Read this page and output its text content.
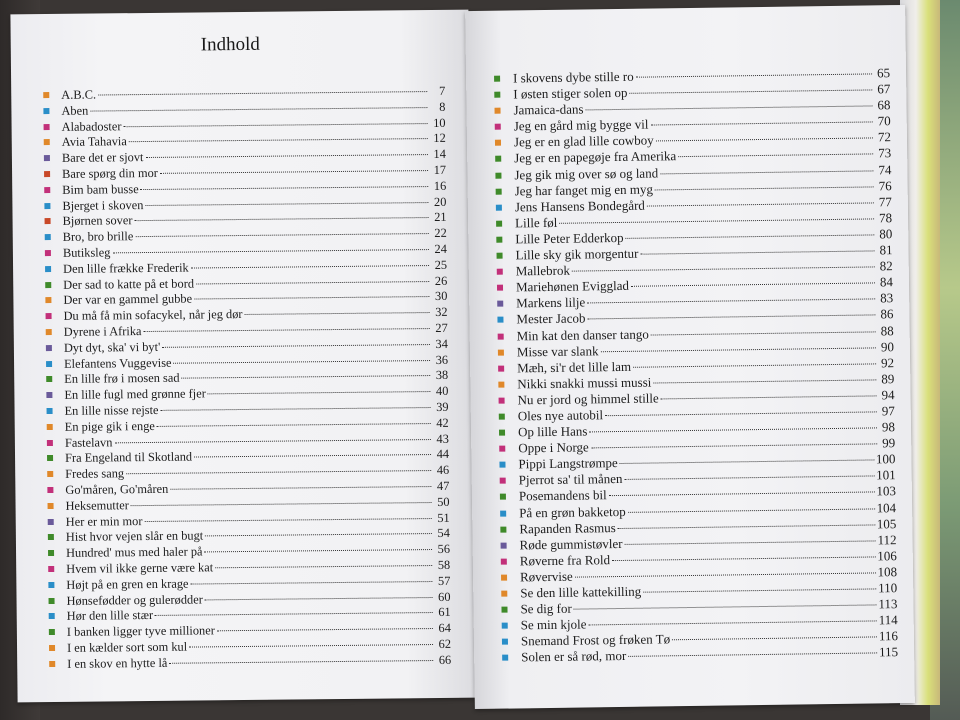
Indhold
A.B.C.	7
Aben	8
Alabadoster	10
Avia Tahavia	12
Bare det er sjovt	14
Bare spørg din mor	17
Bim bam busse	16
Bjerget i skoven	20
Bjørnen sover	21
Bro, bro brille	22
Butiksleg	24
Den lille frække Frederik	25
Der sad to katte på et bord	26
Der var en gammel gubbe	30
Du må få min sofacykel, når jeg dør	32
Dyrene i Afrika	27
Dyt dyt, ska' vi byt'	34
Elefantens Vuggevise	36
En lille frø i mosen sad	38
En lille fugl med grønne fjer	40
En lille nisse rejste	39
En pige gik i enge	42
Fastelavn	43
Fra Engeland til Skotland	44
Fredes sang	46
Go'måren, Go'måren	47
Heksemutter	50
Her er min mor	51
Hist hvor vejen slår en bugt	54
Hundred' mus med haler på	56
Hvem vil ikke gerne være kat	58
Højt på en gren en krage	57
Hønsefødder og gulerødder	60
Hør den lille stær	61
I banken ligger tyve millioner	64
I en kælder sort som kul	62
I en skov en hytte lå	66
I skovens dybe stille ro	65
I østen stiger solen op	67
Jamaica-dans	68
Jeg en gård mig bygge vil	70
Jeg er en glad lille cowboy	72
Jeg er en papegøje fra Amerika	73
Jeg gik mig over sø og land	74
Jeg har fanget mig en myg	76
Jens Hansens Bondegård	77
Lille føl	78
Lille Peter Edderkop	80
Lille sky gik morgentur	81
Mallebrok	82
Mariehønen Evigglad	84
Markens lilje	83
Mester Jacob	86
Min kat den danser tango	88
Misse var slank	90
Mæh, si'r det lille lam	92
Nikki snakki mussi mussi	89
Nu er jord og himmel stille	94
Oles nye autobil	97
Op lille Hans	98
Oppe i Norge	99
Pippi Langstrømpe	100
Pjerrot sa' til månen	101
Posemandens bil	103
På en grøn bakketop	104
Rapanden Rasmus	105
Røde gummistøvler	112
Røverne fra Rold	106
Røvervise	108
Se den lille kattekilling	110
Se dig for	113
Se min kjole	114
Snemand Frost og frøken Tø	116
Solen er så rød, mor	115
